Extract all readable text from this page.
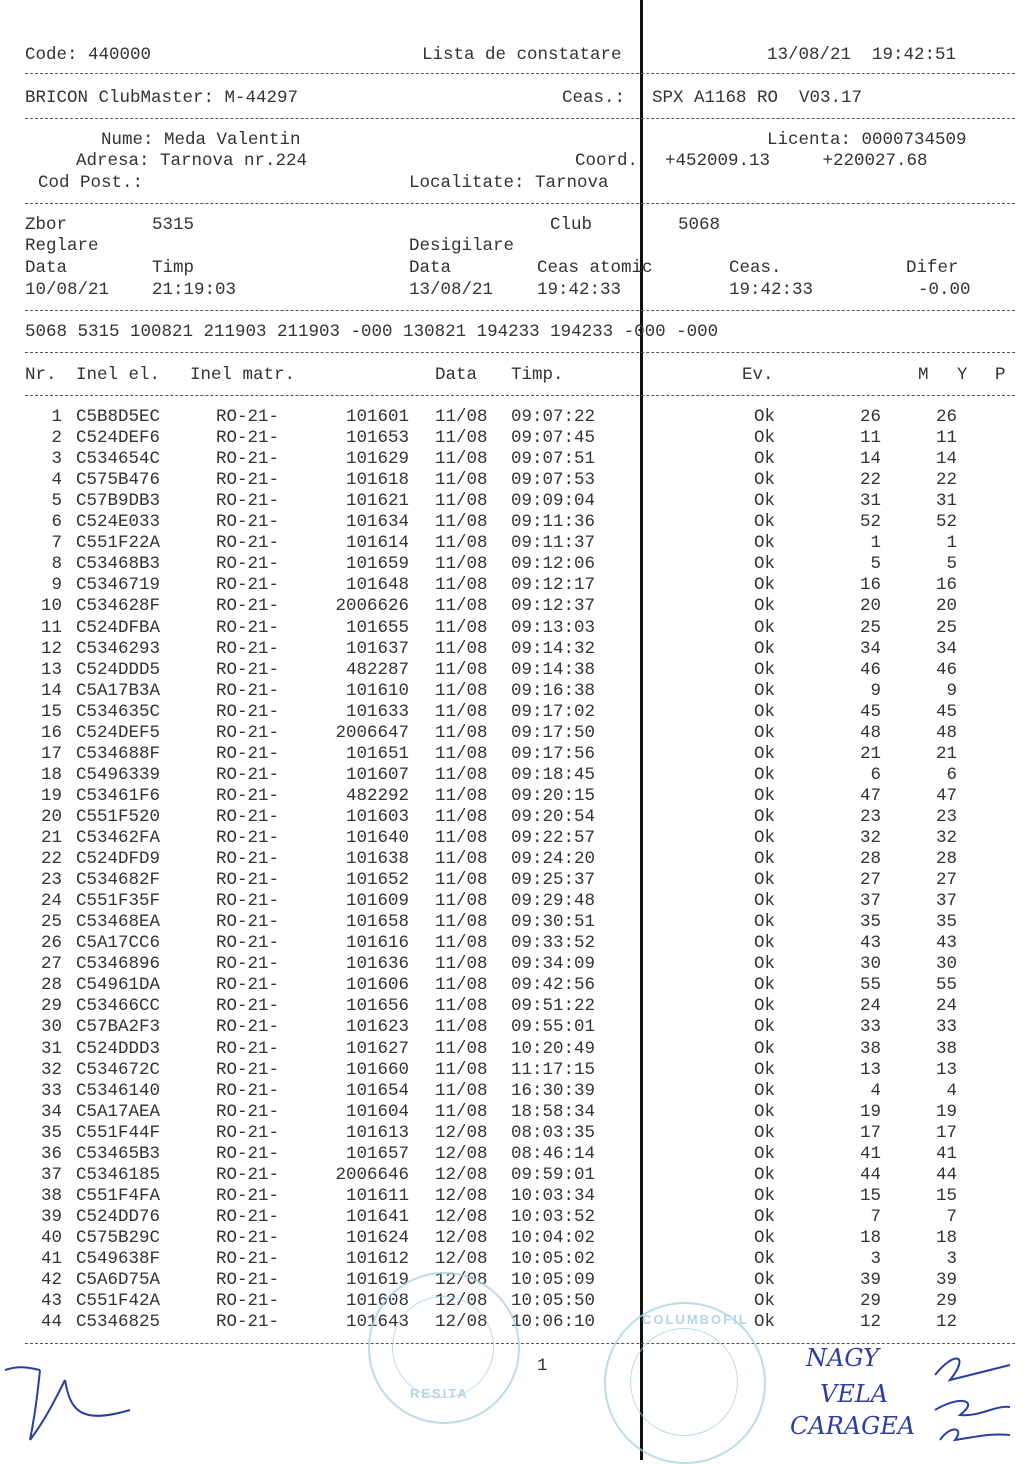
Code: 440000	Lista de constatare	13/08/21  19:42:51
BRICON ClubMaster: M-44297	Ceas.: SPX A1168 RO  V03.17
Nume: Meda Valentin	Licenta: 0000734509
Adresa: Tarnova nr.224	Coord. +452009.13     +220027.68
Cod Post.:	Localitate: Tarnova
Zbor	5315	Club	5068
Reglare	Desigilare
Data	Timp	Data	Ceas atomic	Ceas.	Difer
10/08/21 21:19:03	13/08/21	19:42:33	19:42:33	-0.00
5068 5315 100821 211903 211903 -000 130821 194233 194233 -000 -000
Nr. Inel el. Inel matr.	Data Timp.	Ev.	M Y P
1 C5B8D5EC	RO-21-	101601 11/08 09:07:22	Ok	26	26
2 C524DEF6	RO-21-	101653 11/08 09:07:45	Ok	11	11
3 C534654C	RO-21-	101629 11/08 09:07:51	Ok	14	14
4 C575B476	RO-21-	101618 11/08 09:07:53	Ok	22	22
5 C57B9DB3	RO-21-	101621 11/08 09:09:04	Ok	31	31
6 C524E033	RO-21-	101634 11/08 09:11:36	Ok	52	52
7 C551F22A	RO-21-	101614 11/08 09:11:37	Ok	1	1
8 C53468B3	RO-21-	101659 11/08 09:12:06	Ok	5	5
9 C5346719	RO-21-	101648 11/08 09:12:17	Ok	16	16
10 C534628F	RO-21-	2006626 11/08 09:12:37	Ok	20	20
11 C524DFBA	RO-21-	101655 11/08 09:13:03	Ok	25	25
12 C5346293	RO-21-	101637 11/08 09:14:32	Ok	34	34
13 C524DDD5	RO-21-	482287 11/08 09:14:38	Ok	46	46
14 C5A17B3A	RO-21-	101610 11/08 09:16:38	Ok	9	9
15 C534635C	RO-21-	101633 11/08 09:17:02	Ok	45	45
16 C524DEF5	RO-21-	2006647 11/08 09:17:50	Ok	48	48
17 C534688F	RO-21-	101651 11/08 09:17:56	Ok	21	21
18 C5496339	RO-21-	101607 11/08 09:18:45	Ok	6	6
19 C53461F6	RO-21-	482292 11/08 09:20:15	Ok	47	47
20 C551F520	RO-21-	101603 11/08 09:20:54	Ok	23	23
21 C53462FA	RO-21-	101640 11/08 09:22:57	Ok	32	32
22 C524DFD9	RO-21-	101638 11/08 09:24:20	Ok	28	28
23 C534682F	RO-21-	101652 11/08 09:25:37	Ok	27	27
24 C551F35F	RO-21-	101609 11/08 09:29:48	Ok	37	37
25 C53468EA	RO-21-	101658 11/08 09:30:51	Ok	35	35
26 C5A17CC6	RO-21-	101616 11/08 09:33:52	Ok	43	43
27 C5346896	RO-21-	101636 11/08 09:34:09	Ok	30	30
28 C54961DA	RO-21-	101606 11/08 09:42:56	Ok	55	55
29 C53466CC	RO-21-	101656 11/08 09:51:22	Ok	24	24
30 C57BA2F3	RO-21-	101623 11/08 09:55:01	Ok	33	33
31 C524DDD3	RO-21-	101627 11/08 10:20:49	Ok	38	38
32 C534672C	RO-21-	101660 11/08 11:17:15	Ok	13	13
33 C5346140	RO-21-	101654 11/08 16:30:39	Ok	4	4
34 C5A17AEA	RO-21-	101604 11/08 18:58:34	Ok	19	19
35 C551F44F	RO-21-	101613 12/08 08:03:35	Ok	17	17
36 C53465B3	RO-21-	101657 12/08 08:46:14	Ok	41	41
37 C5346185	RO-21-	2006646 12/08 09:59:01	Ok	44	44
38 C551F4FA	RO-21-	101611 12/08 10:03:34	Ok	15	15
39 C524DD76	RO-21-	101641 12/08 10:03:52	Ok	7	7
40 C575B29C	RO-21-	101624 12/08 10:04:02	Ok	18	18
41 C549638F	RO-21-	101612 12/08 10:05:02	Ok	3	3
42 C5A6D75A	RO-21-	101619 12/08 10:05:09	Ok	39	39
43 C551F42A	RO-21-	101608 12/08 10:05:50	Ok	29	29
44 C5346825	RO-21-	101643 12/08 10:06:10	Ok	12	12
1
RESITA
COLUMBOFIL
NAGY
VELA
CARAGEA
